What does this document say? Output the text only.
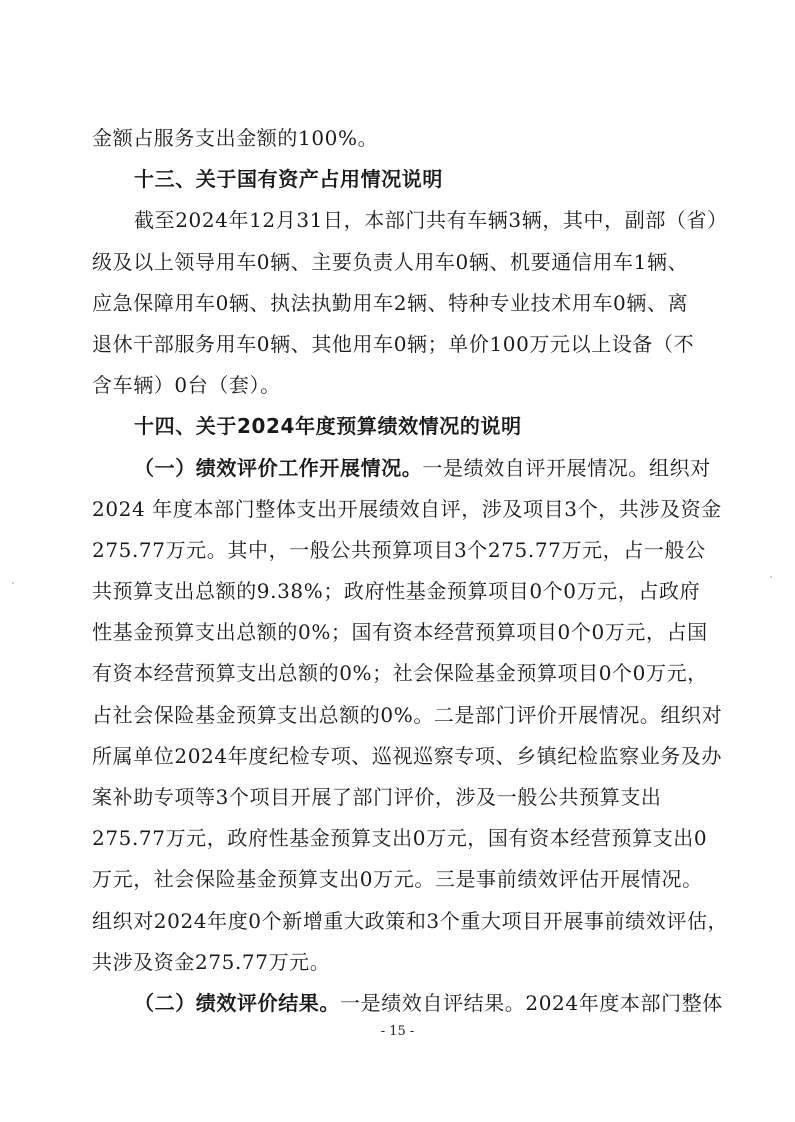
金额占服务支出金额的100%。
十三、关于国有资产占用情况说明
截至2024年12月31日，本部门共有车辆3辆，其中，副部（省）
级及以上领导用车0辆、主要负责人用车0辆、机要通信用车1辆、
应急保障用车0辆、执法执勤用车2辆、特种专业技术用车0辆、离
退休干部服务用车0辆、其他用车0辆；单价100万元以上设备（不
含车辆）0台（套）。
十四、关于2024年度预算绩效情况的说明
（一）绩效评价工作开展情况。一是绩效自评开展情况。组织对
2024 年度本部门整体支出开展绩效自评，涉及项目3个，共涉及资金
275.77万元。其中，一般公共预算项目3个275.77万元，占一般公
共预算支出总额的9.38%；政府性基金预算项目0个0万元，占政府
性基金预算支出总额的0%；国有资本经营预算项目0个0万元，占国
有资本经营预算支出总额的0%；社会保险基金预算项目0个0万元，
占社会保险基金预算支出总额的0%。二是部门评价开展情况。组织对
所属单位2024年度纪检专项、巡视巡察专项、乡镇纪检监察业务及办
案补助专项等3个项目开展了部门评价，涉及一般公共预算支出
275.77万元，政府性基金预算支出0万元，国有资本经营预算支出0
万元，社会保险基金预算支出0万元。三是事前绩效评估开展情况。
组织对2024年度0个新增重大政策和3个重大项目开展事前绩效评估，
共涉及资金275.77万元。
（二）绩效评价结果。一是绩效自评结果。2024年度本部门整体
- 15 -
